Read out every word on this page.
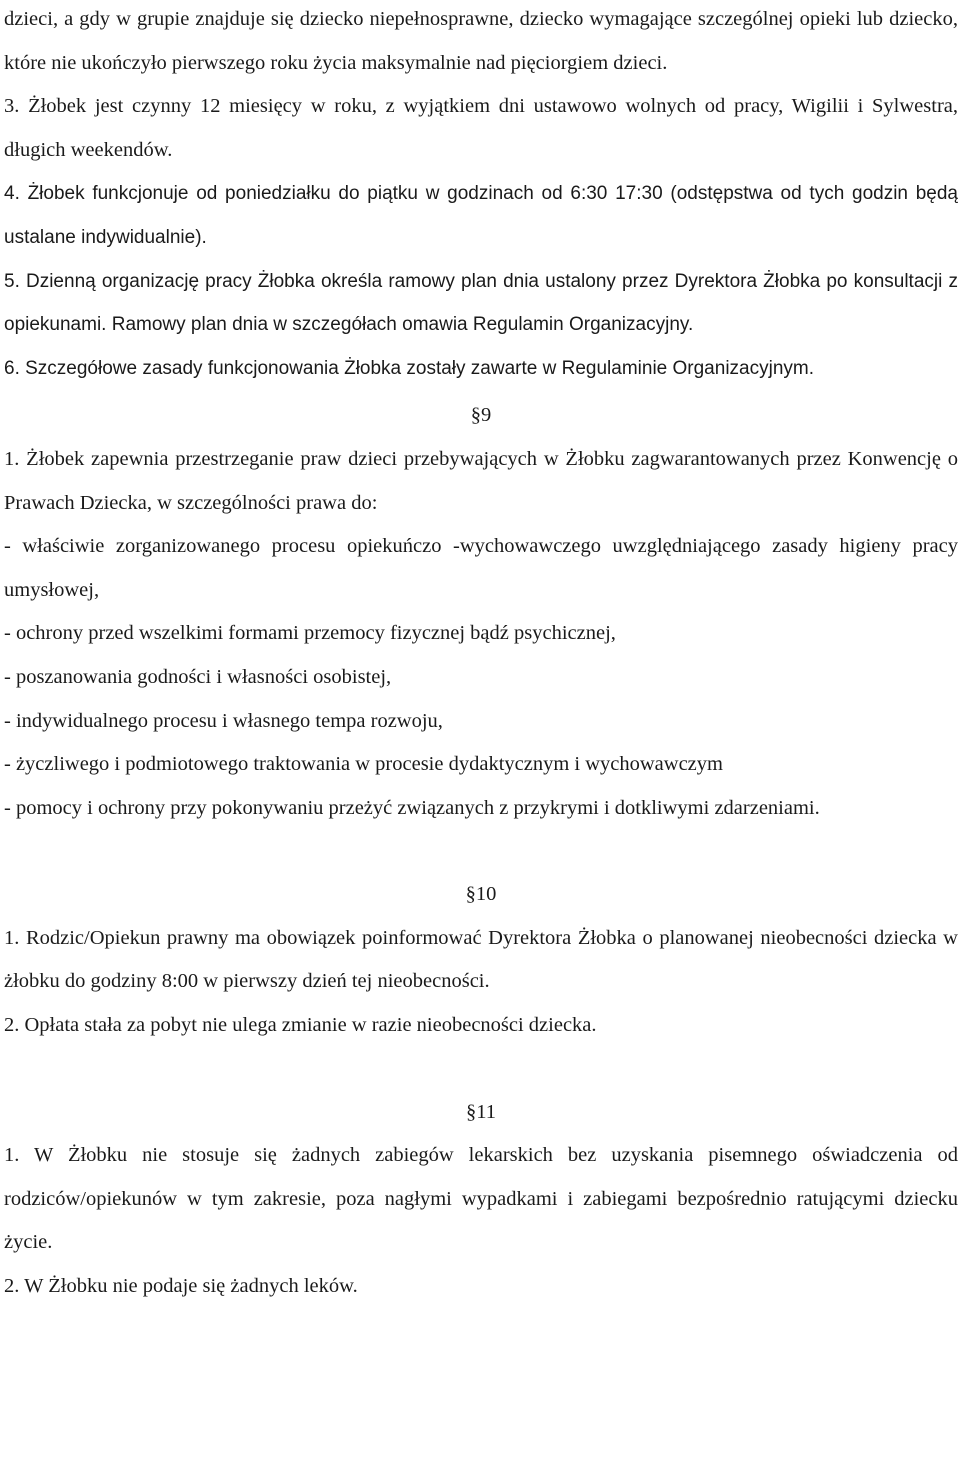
dzieci, a gdy w grupie znajduje się dziecko niepełnosprawne, dziecko wymagające szczególnej opieki lub dziecko, które nie ukończyło pierwszego roku życia maksymalnie nad pięciorgiem dzieci.

3. Żłobek jest czynny 12 miesięcy w roku, z wyjątkiem dni ustawowo wolnych od pracy, Wigilii i Sylwestra, długich weekendów.

4. Żłobek funkcjonuje od poniedziałku do piątku w godzinach od 6:30 17:30 (odstępstwa od tych godzin będą ustalane indywidualnie).

5. Dzienną organizację pracy Żłobka określa ramowy plan dnia ustalony przez Dyrektora Żłobka po konsultacji z opiekunami. Ramowy plan dnia w szczegółach omawia Regulamin Organizacyjny.

6. Szczegółowe zasady funkcjonowania Żłobka zostały zawarte w Regulaminie Organizacyjnym.

§9

1. Żłobek zapewnia przestrzeganie praw dzieci przebywających w Żłobku zagwarantowanych przez Konwencję o Prawach Dziecka, w szczególności prawa do:

- właściwie zorganizowanego procesu opiekuńczo -wychowawczego uwzględniającego zasady higieny pracy umysłowej,

- ochrony przed wszelkimi formami przemocy fizycznej bądź psychicznej,

- poszanowania godności i własności osobistej,

- indywidualnego procesu i własnego tempa rozwoju,

- życzliwego i podmiotowego traktowania w procesie dydaktycznym i wychowawczym

- pomocy i ochrony przy pokonywaniu przeżyć związanych z przykrymi i dotkliwymi zdarzeniami.

§10

1. Rodzic/Opiekun prawny ma obowiązek poinformować Dyrektora Żłobka o planowanej nieobecności dziecka w żłobku do godziny 8:00 w pierwszy dzień tej nieobecności.

2. Opłata stała za pobyt nie ulega zmianie w razie nieobecności dziecka.

§11

1. W Żłobku nie stosuje się żadnych zabiegów lekarskich bez uzyskania pisemnego oświadczenia od rodziców/opiekunów w tym zakresie, poza nagłymi wypadkami i zabiegami bezpośrednio ratującymi dziecku życie.

2. W Żłobku nie podaje się żadnych leków.
